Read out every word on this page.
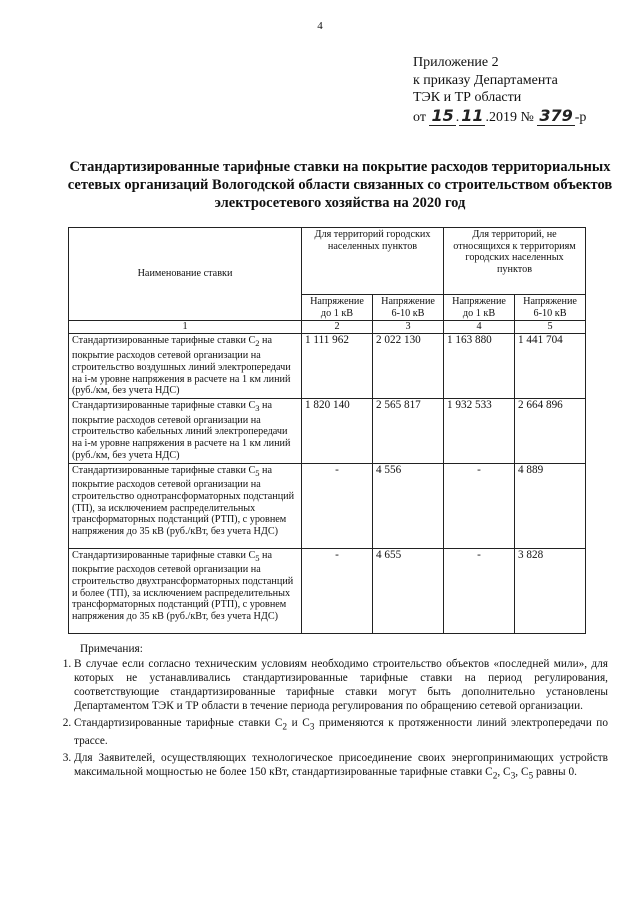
4
Приложение 2
к приказу Департамента
ТЭК и ТР области
от 15 . 11 .2019 № 379 -р
Стандартизированные тарифные ставки на покрытие расходов территориальных сетевых организаций Вологодской области связанных со строительством объектов электросетевого хозяйства на 2020 год
Наименование ставки	Для территорий городских населенных пунктов		Для территорий, не относящихся к территориям городских населенных пунктов	
	Напряжение до 1 кВ	Напряжение 6-10 кВ	Напряжение до 1 кВ	Напряжение 6-10 кВ
1	2	3	4	5
Стандартизированные тарифные ставки $С_2$ на покрытие расходов сетевой организации на строительство воздушных линий электропередачи на i-м уровне напряжения в расчете на 1 км линий (руб./км, без учета НДС)	1 111 962	2 022 130	1 163 880	1 441 704
Стандартизированные тарифные ставки $С_3$ на покрытие расходов сетевой организации на строительство кабельных линий электропередачи на i-м уровне напряжения в расчете на 1 км линий (руб./км, без учета НДС)	1 820 140	2 565 817	1 932 533	2 664 896
Стандартизированные тарифные ставки $С_5$ на покрытие расходов сетевой организации на строительство однотрансформаторных подстанций (ТП), за исключением распределительных трансформаторных подстанций (РТП), с уровнем напряжения до 35 кВ (руб./кВт, без учета НДС)	-	4 556	-	4 889
Стандартизированные тарифные ставки $С_5$ на покрытие расходов сетевой организации на строительство двухтрансформаторных подстанций и более (ТП), за исключением распределительных трансформаторных подстанций (РТП), с уровнем напряжения до 35 кВ (руб./кВт, без учета НДС)	-	4 655	-	3 828
Примечания:
1. В случае если согласно техническим условиям необходимо строительство объектов «последней мили», для которых не устанавливались стандартизированные тарифные ставки на период регулирования, соответствующие стандартизированные тарифные ставки могут быть дополнительно установлены Департаментом ТЭК и ТР области в течение периода регулирования по обращению сетевой организации.
2. Стандартизированные тарифные ставки $С_2$ и $С_3$ применяются к протяженности линий электропередачи по трассе.
3. Для Заявителей, осуществляющих технологическое присоединение своих энергопринимающих устройств максимальной мощностью не более 150 кВт, стандартизированные тарифные ставки $С_2$, $С_3$, $С_5$ равны 0.
